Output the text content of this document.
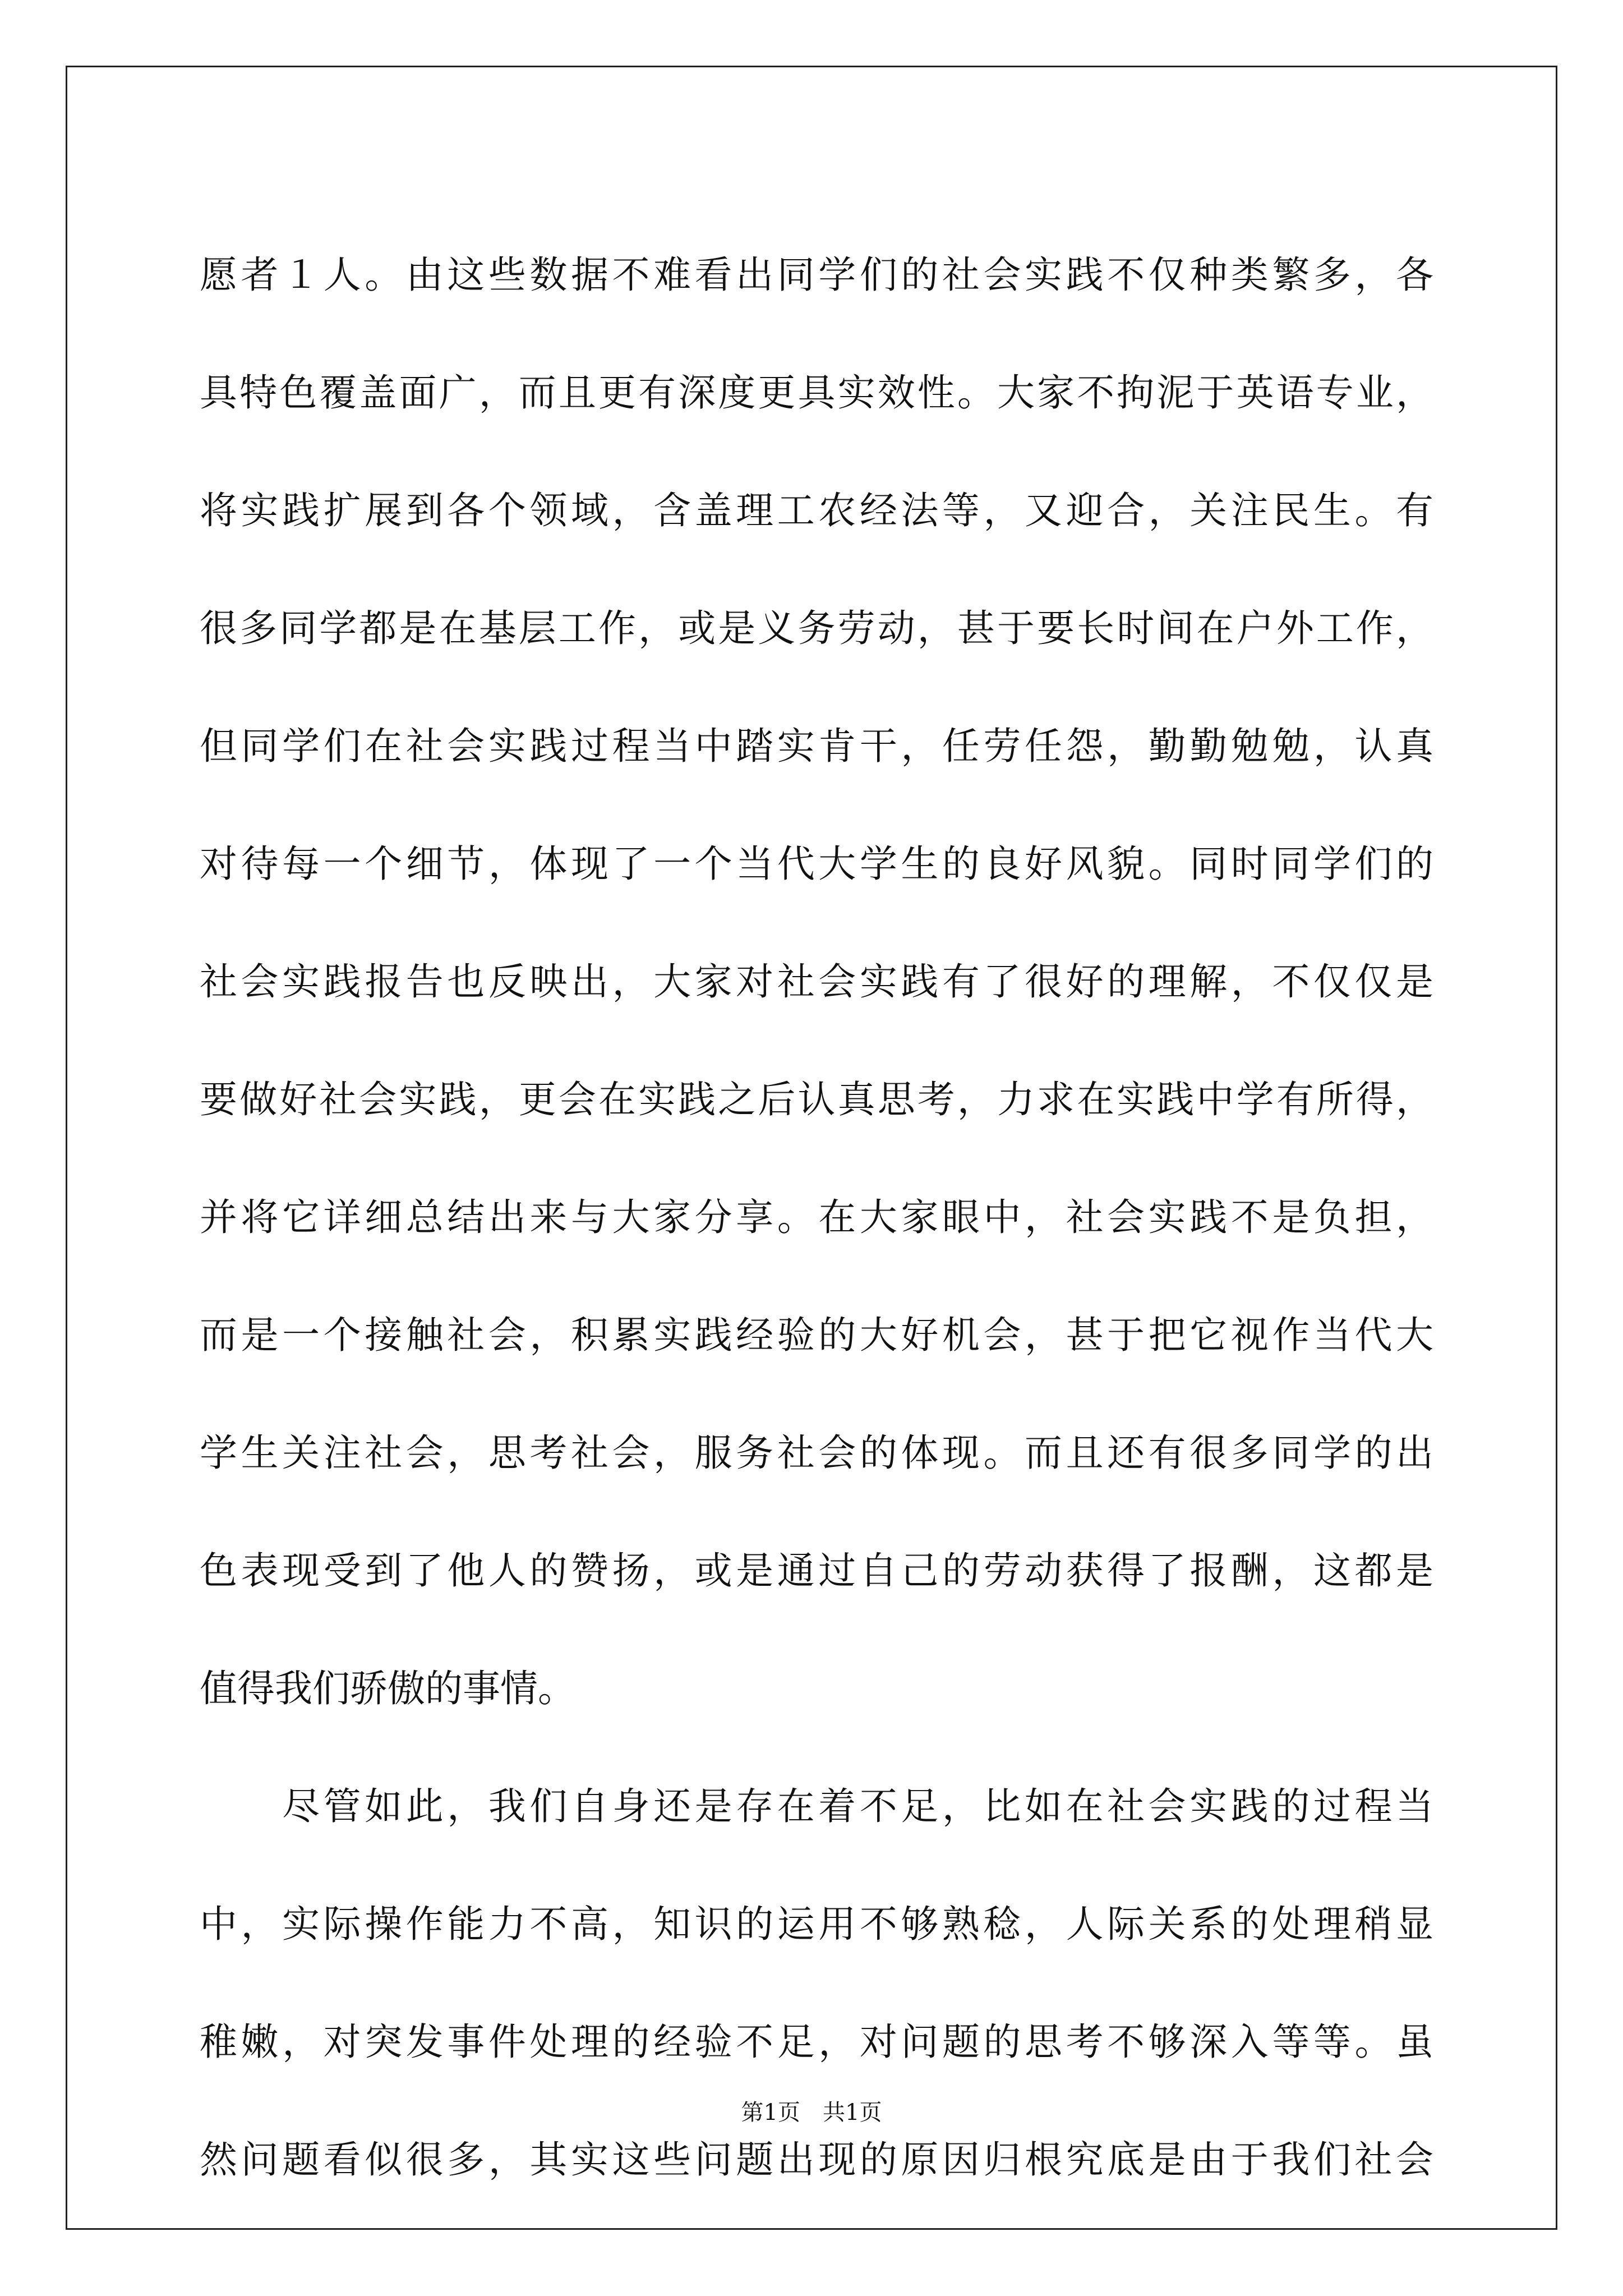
愿者１人。由这些数据不难看出同学们的社会实践不仅种类繁多，各
具特色覆盖面广，而且更有深度更具实效性。大家不拘泥于英语专业，
将实践扩展到各个领域，含盖理工农经法等，又迎合，关注民生。有
很多同学都是在基层工作，或是义务劳动，甚于要长时间在户外工作，
但同学们在社会实践过程当中踏实肯干，任劳任怨，勤勤勉勉，认真
对待每一个细节，体现了一个当代大学生的良好风貌。同时同学们的
社会实践报告也反映出，大家对社会实践有了很好的理解，不仅仅是
要做好社会实践，更会在实践之后认真思考，力求在实践中学有所得，
并将它详细总结出来与大家分享。在大家眼中，社会实践不是负担，
而是一个接触社会，积累实践经验的大好机会，甚于把它视作当代大
学生关注社会，思考社会，服务社会的体现。而且还有很多同学的出
色表现受到了他人的赞扬，或是通过自己的劳动获得了报酬，这都是
值得我们骄傲的事情。
　　尽管如此，我们自身还是存在着不足，比如在社会实践的过程当
中，实际操作能力不高，知识的运用不够熟稔，人际关系的处理稍显
稚嫩，对突发事件处理的经验不足，对问题的思考不够深入等等。虽
然问题看似很多，其实这些问题出现的原因归根究底是由于我们社会
第1页　共1页
